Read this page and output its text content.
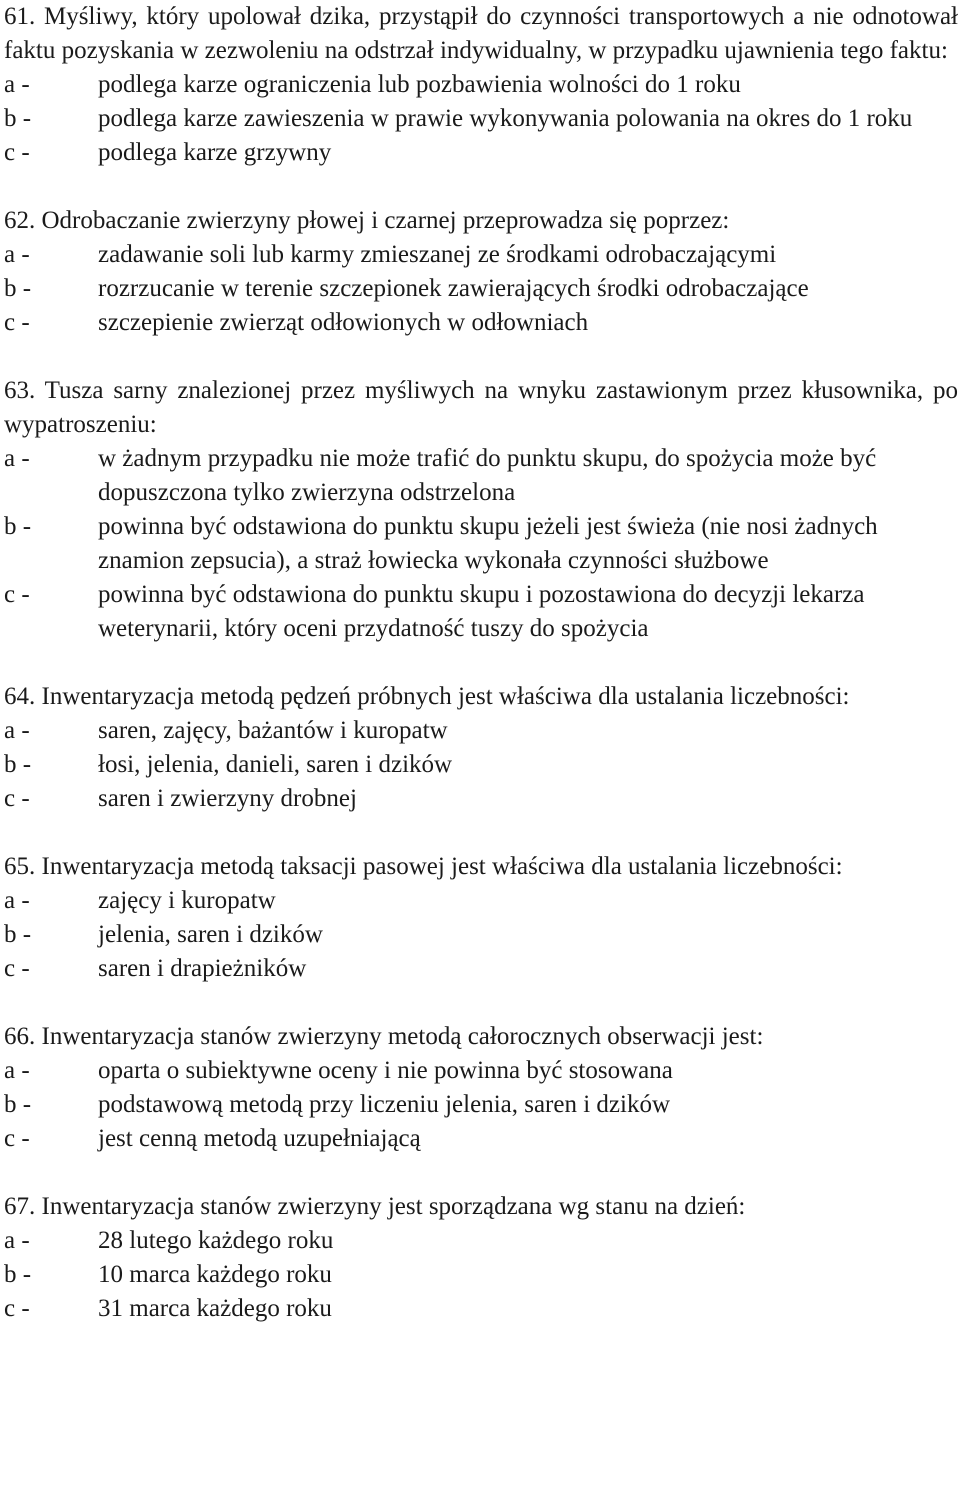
61. Myśliwy, który upolował dzika, przystąpił do czynności transportowych a nie odnotował faktu pozyskania w zezwoleniu na odstrzał indywidualny, w przypadku ujawnienia tego faktu:
a -	podlega karze ograniczenia lub pozbawienia wolności do 1 roku
b -	podlega karze zawieszenia w prawie wykonywania polowania na okres do 1 roku
c -	podlega karze grzywny
62. Odrobaczanie zwierzyny płowej i czarnej przeprowadza się poprzez:
a -	zadawanie soli lub karmy zmieszanej ze środkami odrobaczającymi
b -	rozrzucanie w terenie szczepionek zawierających środki odrobaczające
c -	szczepienie zwierząt odłowionych w odłowniach
63. Tusza sarny znalezionej przez myśliwych na wnyku zastawionym przez kłusownika, po wypatroszeniu:
a -	w żadnym przypadku nie może trafić do punktu skupu, do spożycia może być dopuszczona tylko zwierzyna odstrzelona
b -	powinna być odstawiona do punktu skupu jeżeli jest świeża (nie nosi żadnych znamion zepsucia), a straż łowiecka wykonała czynności służbowe
c -	powinna być odstawiona do punktu skupu i pozostawiona do decyzji lekarza weterynarii, który oceni przydatność tuszy do spożycia
64. Inwentaryzacja metodą pędzeń próbnych jest właściwa dla ustalania liczebności:
a -	saren, zajęcy, bażantów i kuropatw
b -	łosi, jelenia, danieli, saren i dzików
c -	saren i zwierzyny drobnej
65. Inwentaryzacja metodą taksacji pasowej jest właściwa dla ustalania liczebności:
a -	zajęcy i kuropatw
b -	jelenia, saren i dzików
c -	saren i drapieżników
66. Inwentaryzacja stanów zwierzyny metodą całorocznych obserwacji jest:
a -	oparta o subiektywne oceny i nie powinna być stosowana
b -	podstawową metodą przy liczeniu jelenia, saren i dzików
c -	jest cenną metodą uzupełniającą
67. Inwentaryzacja stanów zwierzyny jest sporządzana wg stanu na dzień:
a -	28 lutego każdego roku
b -	10 marca każdego roku
c -	31 marca każdego roku
